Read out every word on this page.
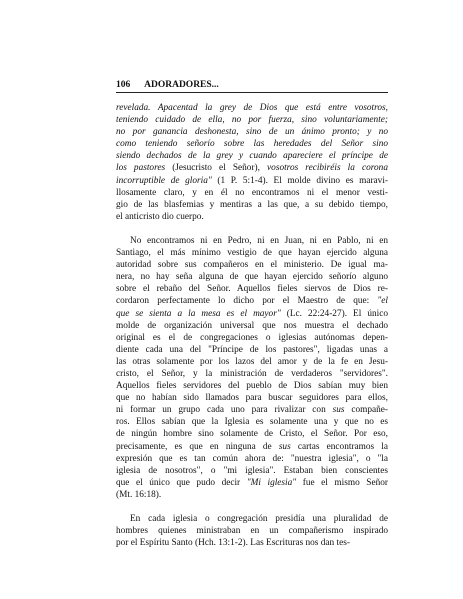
106 ADORADORES...
revelada. Apacentad la grey de Dios que está entre vosotros,
teniendo cuidado de ella, no por fuerza, sino voluntariamente;
no por ganancia deshonesta, sino de un ánimo pronto; y no
como teniendo señorío sobre las heredades del Señor sino
siendo dechados de la grey y cuando apareciere el príncipe de
los pastores (Jesucristo el Señor), vosotros recibiréis la corona
incorruptible de gloria" (1 P. 5:1-4). El molde divino es maravi-
llosamente claro, y en él no encontramos ni el menor vesti-
gio de las blasfemias y mentiras a las que, a su debido tiempo,
el anticristo dio cuerpo.
No encontramos ni en Pedro, ni en Juan, ni en Pablo, ni en
Santiago, el más mínimo vestigio de que hayan ejercido alguna
autoridad sobre sus compañeros en el ministerio. De igual ma-
nera, no hay seña alguna de que hayan ejercido señorío alguno
sobre el rebaño del Señor. Aquellos fieles siervos de Dios re-
cordaron perfectamente lo dicho por el Maestro de que: "el
que se sienta a la mesa es el mayor" (Lc. 22:24-27). El único
molde de organización universal que nos muestra el dechado
original es el de congregaciones o iglesias autónomas depen-
diente cada una del "Príncipe de los pastores", ligadas unas a
las otras solamente por los lazos del amor y de la fe en Jesu-
cristo, el Señor, y la ministración de verdaderos "servidores".
Aquellos fieles servidores del pueblo de Dios sabían muy bien
que no habían sido llamados para buscar seguidores para ellos,
ni formar un grupo cada uno para rivalizar con sus compañe-
ros. Ellos sabían que la Iglesia es solamente una y que no es
de ningún hombre sino solamente de Cristo, el Señor. Por eso,
precisamente, es que en ninguna de sus cartas encontramos la
expresión que es tan común ahora de: "nuestra iglesia", o "la
iglesia de nosotros", o "mi iglesia". Estaban bien conscientes
que el único que pudo decir "Mi iglesia" fue el mismo Señor
(Mt. 16:18).
En cada iglesia o congregación presidía una pluralidad de
hombres quienes ministraban en un compañerismo inspirado
por el Espíritu Santo (Hch. 13:1-2). Las Escrituras nos dan tes-
